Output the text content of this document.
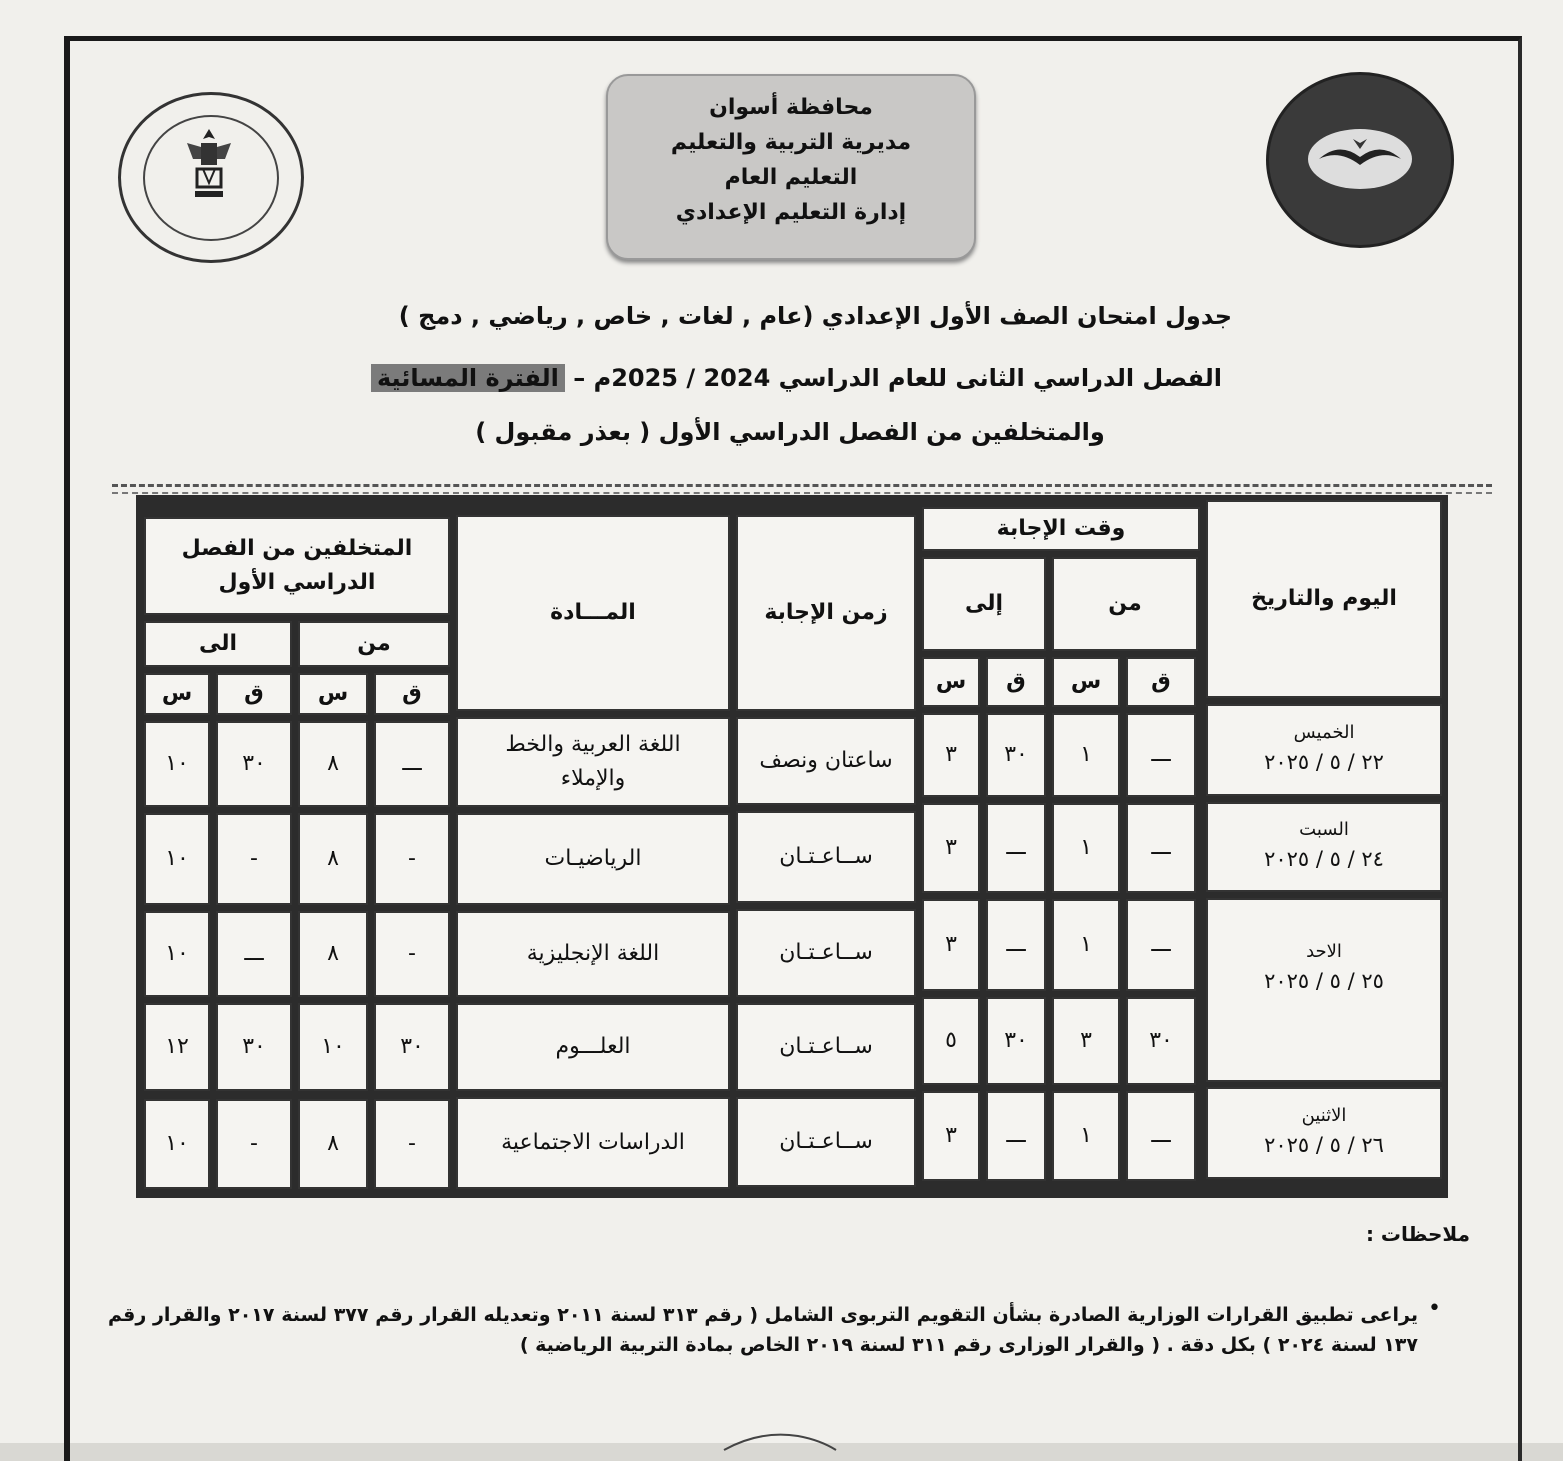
محافظة أسوان
مديرية التربية والتعليم
التعليم العام
إدارة التعليم الإعدادي
جدول امتحان الصف الأول الإعدادي (عام , لغات , خاص , رياضي , دمج )
الفصل الدراسي الثانى للعام الدراسي 2024 / 2025م – الفترة المسائية
والمتخلفين من الفصل الدراسي الأول ( بعذر مقبول )
اليوم والتاريخ
وقت الإجابة
من
إلى
ق
س
ق
س
زمن الإجابة
المـــادة
المتخلفين من الفصل الدراسي الأول
من
الى
ق
س
ق
س
الخميس
٢٢ / ٥ / ٢٠٢٥
ـــ
١
٣٠
٣
ساعتان ونصف
اللغة العربية والخط والإملاء
ـــ
٨
٣٠
١٠
السبت
٢٤ / ٥ / ٢٠٢٥
ـــ
١
ـــ
٣
ســاعـتـان
الرياضيـات
-
٨
-
١٠
الاحد
٢٥ / ٥ / ٢٠٢٥
ـــ
١
ـــ
٣
ســاعـتـان
اللغة الإنجليزية
-
٨
ـــ
١٠
٣٠
٣
٣٠
٥
ســاعـتـان
العلـــوم
٣٠
١٠
٣٠
١٢
الاثنين
٢٦ / ٥ / ٢٠٢٥
ـــ
١
ـــ
٣
ســاعـتـان
الدراسات الاجتماعية
-
٨
-
١٠
ملاحظات :
•
يراعى تطبيق القرارات الوزارية الصادرة بشأن التقويم التربوى الشامل ( رقم ٣١٣ لسنة ٢٠١١ وتعديله القرار رقم ٣٧٧ لسنة ٢٠١٧ والقرار رقم ١٣٧ لسنة ٢٠٢٤ ) بكل دقة . ( والقرار الوزارى رقم ٣١١ لسنة ٢٠١٩ الخاص بمادة التربية الرياضية )
